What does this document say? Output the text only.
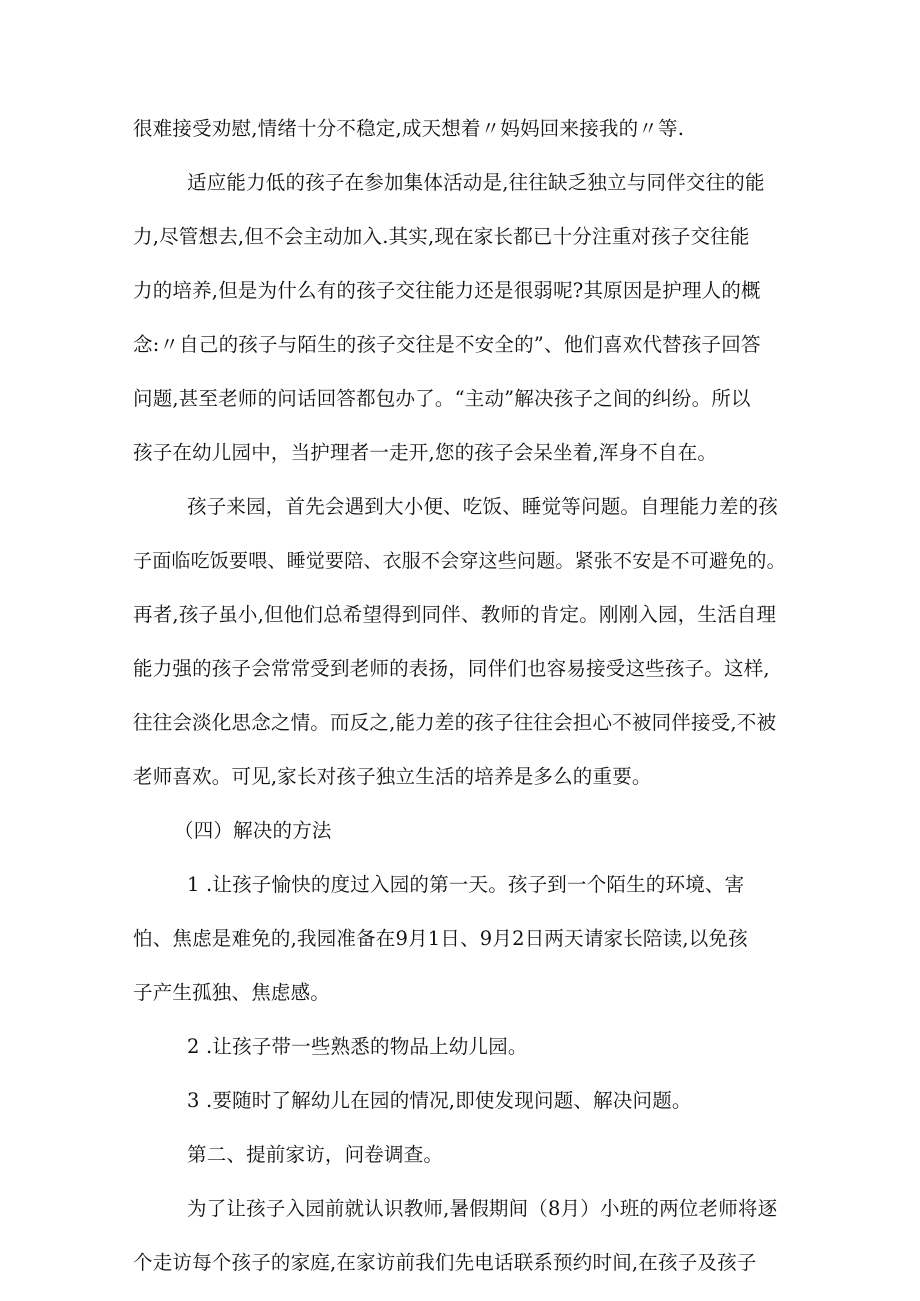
很难接受劝慰,情绪十分不稳定,成天想着〃妈妈回来接我的〃等.
适应能力低的孩子在参加集体活动是,往往缺乏独立与同伴交往的能
力,尽管想去,但不会主动加入.其实,现在家长都已十分注重对孩子交往能
力的培养,但是为什么有的孩子交往能力还是很弱呢?其原因是护理人的概
念:〃自己的孩子与陌生的孩子交往是不安全的”、他们喜欢代替孩子回答
问题,甚至老师的问话回答都包办了。“主动”解决孩子之间的纠纷。所以
孩子在幼儿园中，当护理者一走开,您的孩子会呆坐着,浑身不自在。
孩子来园，首先会遇到大小便、吃饭、睡觉等问题。自理能力差的孩
子面临吃饭要喂、睡觉要陪、衣服不会穿这些问题。紧张不安是不可避免的。
再者,孩子虽小,但他们总希望得到同伴、教师的肯定。刚刚入园，生活自理
能力强的孩子会常常受到老师的表扬，同伴们也容易接受这些孩子。这样,
往往会淡化思念之情。而反之,能力差的孩子往往会担心不被同伴接受,不被
老师喜欢。可见,家长对孩子独立生活的培养是多么的重要。
（四）解决的方法
1 .让孩子愉快的度过入园的第一天。孩子到一个陌生的环境、害
怕、焦虑是难免的,我园准备在9月1日、9月2日两天请家长陪读,以免孩
子产生孤独、焦虑感。
2 .让孩子带一些熟悉的物品上幼儿园。
3 .要随时了解幼儿在园的情况,即使发现问题、解决问题。
第二、提前家访，问卷调查。
为了让孩子入园前就认识教师,暑假期间（8月）小班的两位老师将逐
个走访每个孩子的家庭,在家访前我们先电话联系预约时间,在孩子及孩子
